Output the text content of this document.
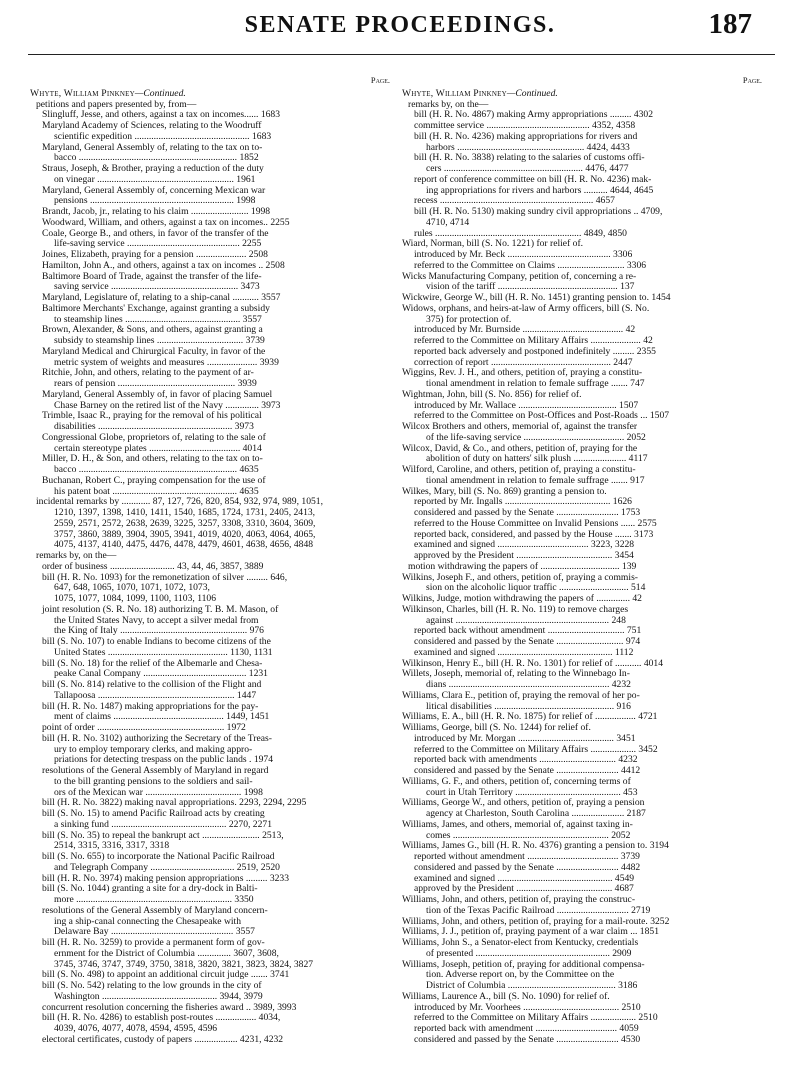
SENATE PROCEEDINGS.	187
Page.
Whyte, William Pinkney—Continued.
petitions and papers presented by, from—
Slingluff, Jesse, and others, against a tax on incomes...... 1683
Maryland Academy of Sciences, relating to the Woodruff
scientific expedition ................................................ 1683
Maryland, General Assembly of, relating to the tax on to-
bacco .................................................................. 1852
Straus, Joseph, & Brother, praying a reduction of the duty
on vinegar ......................................................... 1961
Maryland, General Assembly of, concerning Mexican war
pensions ............................................................ 1998
Brandt, Jacob, jr., relating to his claim ........................ 1998
Woodward, William, and others, against a tax on incomes.. 2255
Coale, George B., and others, in favor of the transfer of the
life-saving service ............................................... 2255
Joines, Elizabeth, praying for a pension ..................... 2508
Hamilton, John A., and others, against a tax on incomes .. 2508
Baltimore Board of Trade, against the transfer of the life-
saving service ..................................................... 3473
Maryland, Legislature of, relating to a ship-canal ........... 3557
Baltimore Merchants' Exchange, against granting a subsidy
to steamship lines ................................................ 3557
Brown, Alexander, & Sons, and others, against granting a
subsidy to steamship lines .................................... 3739
Maryland Medical and Chirurgical Faculty, in favor of the
metric system of weights and measures ..................... 3939
Ritchie, John, and others, relating to the payment of ar-
rears of pension ................................................. 3939
Maryland, General Assembly of, in favor of placing Samuel
Chase Barney on the retired list of the Navy .............. 3973
Trimble, Isaac R., praying for the removal of his political
disabilities ........................................................ 3973
Congressional Globe, proprietors of, relating to the sale of
certain stereotype plates ...................................... 4014
Miller, D. H., & Son, and others, relating to the tax on to-
bacco .................................................................. 4635
Buchanan, Robert C., praying compensation for the use of
his patent boat .................................................... 4635
incidental remarks by ............ 87, 127, 726, 820, 854, 932, 974, 989, 1051,
1210, 1397, 1398, 1410, 1411, 1540, 1685, 1724, 1731, 2405, 2413,
2559, 2571, 2572, 2638, 2639, 3225, 3257, 3308, 3310, 3604, 3609,
3757, 3860, 3889, 3904, 3905, 3941, 4019, 4020, 4063, 4064, 4065,
4075, 4137, 4140, 4475, 4476, 4478, 4479, 4601, 4638, 4656, 4848
remarks by, on the—
order of business ........................... 43, 44, 46, 3857, 3889
bill (H. R. No. 1093) for the remonetization of silver ......... 646,
647, 648, 1065, 1070, 1071, 1072, 1073,
1075, 1077, 1084, 1099, 1100, 1103, 1106
joint resolution (S. R. No. 18) authorizing T. B. M. Mason, of
the United States Navy, to accept a silver medal from
the King of Italy ..................................................... 976
bill (S. No. 107) to enable Indians to become citizens of the
United States .................................................. 1130, 1131
bill (S. No. 18) for the relief of the Albemarle and Chesa-
peake Canal Company ........................................... 1231
bill (S. No. 814) relative to the collision of the Flight and
Tallapoosa ......................................................... 1447
bill (H. R. No. 1487) making appropriations for the pay-
ment of claims .............................................. 1449, 1451
point of order ..................................................... 1972
bill (H. R. No. 3102) authorizing the Secretary of the Treas-
ury to employ temporary clerks, and making appro-
priations for detecting trespass on the public lands . 1974
resolutions of the General Assembly of Maryland in regard
to the bill granting pensions to the soldiers and sail-
ors of the Mexican war ........................................ 1998
bill (H. R. No. 3822) making naval appropriations. 2293, 2294, 2295
bill (S. No. 15) to amend Pacific Railroad acts by creating
a sinking fund ................................................ 2270, 2271
bill (S. No. 35) to repeal the bankrupt act ........................ 2513,
2514, 3315, 3316, 3317, 3318
bill (S. No. 655) to incorporate the National Pacific Railroad
and Telegraph Company ................................... 2519, 2520
bill (H. R. No. 3974) making pension appropriations ......... 3233
bill (S. No. 1044) granting a site for a dry-dock in Balti-
more ................................................................. 3350
resolutions of the General Assembly of Maryland concern-
ing a ship-canal connecting the Chesapeake with
Delaware Bay ................................................... 3557
bill (H. R. No. 3259) to provide a permanent form of gov-
ernment for the District of Columbia .............. 3607, 3608,
3745, 3746, 3747, 3749, 3750, 3818, 3820, 3821, 3823, 3824, 3827
bill (S. No. 498) to appoint an additional circuit judge ....... 3741
bill (S. No. 542) relating to the low grounds in the city of
Washington ................................................ 3944, 3979
concurrent resolution concerning the fisheries award .. 3989, 3993
bill (H. R. No. 4286) to establish post-routes ................. 4034,
4039, 4076, 4077, 4078, 4594, 4595, 4596
electoral certificates, custody of papers .................. 4231, 4232
Page.
Whyte, William Pinkney—Continued.
remarks by, on the—
bill (H. R. No. 4867) making Army appropriations ......... 4302
committee service ........................................... 4352, 4358
bill (H. R. No. 4236) making appropriations for rivers and
harbors ..................................................... 4424, 4433
bill (H. R. No. 3838) relating to the salaries of customs offi-
cers .......................................................... 4476, 4477
report of conference committee on bill (H. R. No. 4236) mak-
ing appropriations for rivers and harbors .......... 4644, 4645
recess ................................................................ 4657
bill (H. R. No. 5130) making sundry civil appropriations .. 4709,
4710, 4714
rules ............................................................. 4849, 4850
Wiard, Norman, bill (S. No. 1221) for relief of.
introduced by Mr. Beck ........................................... 3306
referred to the Committee on Claims ............................ 3306
Wicks Manufacturing Company, petition of, concerning a re-
vision of the tariff .................................................. 137
Wickwire, George W., bill (H. R. No. 1451) granting pension to. 1454
Widows, orphans, and heirs-at-law of Army officers, bill (S. No.
375) for protection of.
introduced by Mr. Burnside .......................................... 42
referred to the Committee on Military Affairs ..................... 42
reported back adversely and postponed indefinitely ......... 2355
correction of report .................................................. 2447
Wiggins, Rev. J. H., and others, petition of, praying a constitu-
tional amendment in relation to female suffrage ....... 747
Wightman, John, bill (S. No. 856) for relief of.
introduced by Mr. Wallace ......................................... 1507
referred to the Committee on Post-Offices and Post-Roads ... 1507
Wilcox Brothers and others, memorial of, against the transfer
of the life-saving service .......................................... 2052
Wilcox, David, & Co., and others, petition of, praying for the
abolition of duty on hatters' silk plush ...................... 4117
Wilford, Caroline, and others, petition of, praying a constitu-
tional amendment in relation to female suffrage ....... 917
Wilkes, Mary, bill (S. No. 869) granting a pension to.
reported by Mr. Ingalls ............................................ 1626
considered and passed by the Senate .......................... 1753
referred to the House Committee on Invalid Pensions ...... 2575
reported back, considered, and passed by the House ....... 3173
examined and signed ...................................... 3223, 3228
approved by the President ........................................ 3454
motion withdrawing the papers of ................................. 139
Wilkins, Joseph F., and others, petition of, praying a commis-
sion on the alcoholic liquor traffic ............................. 514
Wilkins, Judge, motion withdrawing the papers of .............. 42
Wilkinson, Charles, bill (H. R. No. 119) to remove charges
against ................................................................ 248
reported back without amendment ................................ 751
considered and passed by the Senate ............................ 974
examined and signed ................................................ 1112
Wilkinson, Henry E., bill (H. R. No. 1301) for relief of ........... 4014
Willets, Joseph, memorial of, relating to the Winnebago In-
dians ................................................................... 4232
Williams, Clara E., petition of, praying the removal of her po-
litical disabilities .................................................. 916
Williams, E. A., bill (H. R. No. 1875) for relief of ................. 4721
Williams, George, bill (S. No. 1244) for relief of.
introduced by Mr. Morgan ........................................ 3451
referred to the Committee on Military Affairs ................... 3452
reported back with amendments ................................ 4232
considered and passed by the Senate .......................... 4412
Williams, G. F., and others, petition of, concerning terms of
court in Utah Territory ............................................ 453
Williams, George W., and others, petition of, praying a pension
agency at Charleston, South Carolina ...................... 2187
Williams, James, and others, memorial of, against taxing in-
comes ................................................................. 2052
Williams, James G., bill (H. R. No. 4376) granting a pension to. 3194
reported without amendment ...................................... 3739
considered and passed by the Senate .......................... 4482
examined and signed ................................................ 4549
approved by the President ........................................ 4687
Williams, John, and others, petition of, praying the construc-
tion of the Texas Pacific Railroad .............................. 2719
Williams, John, and others, petition of, praying for a mail-route. 3252
Williams, J. J., petition of, praying payment of a war claim ... 1851
Williams, John S., a Senator-elect from Kentucky, credentials
of presented ........................................................ 2909
Williams, Joseph, petition of, praying for additional compensa-
tion. Adverse report on, by the Committee on the
District of Columbia ............................................. 3186
Williams, Laurence A., bill (S. No. 1090) for relief of.
introduced by Mr. Voorhees ........................................ 2510
referred to the Committee on Military Affairs ................... 2510
reported back with amendment .................................. 4059
considered and passed by the Senate .......................... 4530
